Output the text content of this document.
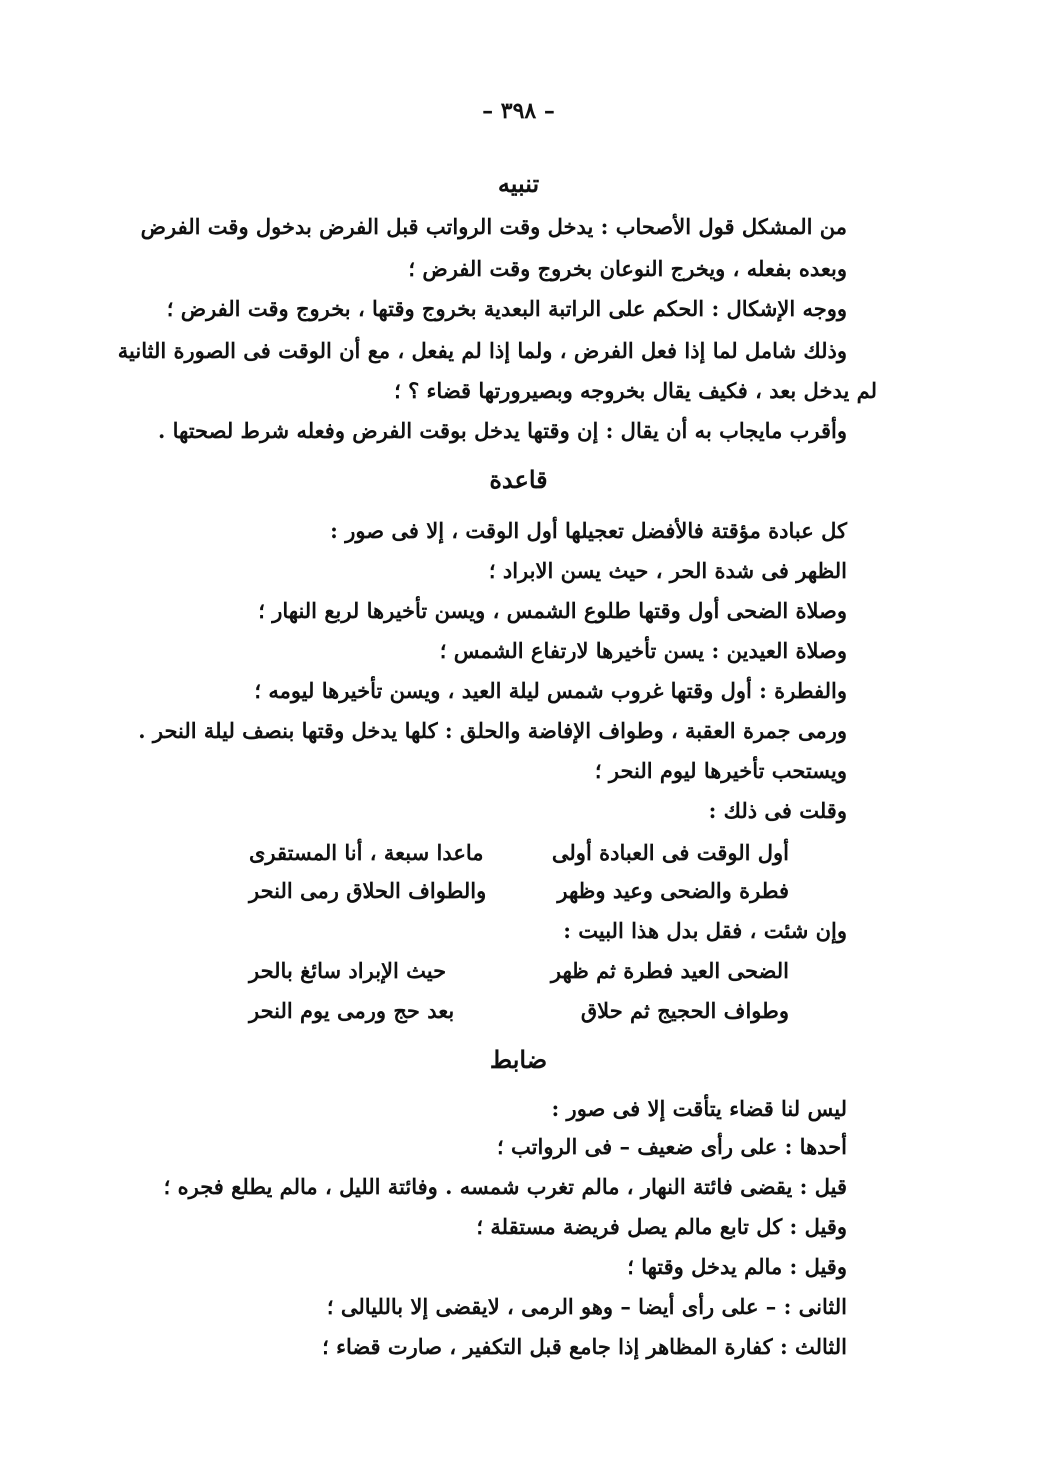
– ٣٩٨ –
تنبيه
من المشكل قول الأصحاب : يدخل وقت الرواتب قبل الفرض بدخول وقت الفرض
وبعده بفعله ، ويخرج النوعان بخروج وقت الفرض ؛
ووجه الإشكال : الحكم على الراتبة البعدية بخروج وقتها ، بخروج وقت الفرض ؛
وذلك شامل لما إذا فعل الفرض ، ولما إذا لم يفعل ، مع أن الوقت فى الصورة الثانية
لم يدخل بعد ، فكيف يقال بخروجه وبصيرورتها قضاء ؟ ؛
وأقرب مايجاب به أن يقال : إن وقتها يدخل بوقت الفرض وفعله شرط لصحتها .
قاعدة
كل عبادة مؤقتة فالأفضل تعجيلها أول الوقت ، إلا فى صور :
الظهر فى شدة الحر ، حيث يسن الابراد ؛
وصلاة الضحى أول وقتها طلوع الشمس ، ويسن تأخيرها لربع النهار ؛
وصلاة العيدين : يسن تأخيرها لارتفاع الشمس ؛
والفطرة : أول وقتها غروب شمس ليلة العيد ، ويسن تأخيرها ليومه ؛
ورمى جمرة العقبة ، وطواف الإفاضة والحلق : كلها يدخل وقتها بنصف ليلة النحر .
ويستحب تأخيرها ليوم النحر ؛
وقلت فى ذلك :
أول الوقت فى العبادة أولى
ماعدا سبعة ، أنا المستقرى
فطرة والضحى وعيد وظهر
والطواف الحلاق رمى النحر
وإن شئت ، فقل بدل هذا البيت :
الضحى العيد فطرة ثم ظهر
حيث الإبراد سائغ بالحر
وطواف الحجيج ثم حلاق
بعد حج ورمى يوم النحر
ضابط
ليس لنا قضاء يتأقت إلا فى صور :
أحدها : على رأى ضعيف – فى الرواتب ؛
قيل : يقضى فائتة النهار ، مالم تغرب شمسه . وفائتة الليل ، مالم يطلع فجره ؛
وقيل : كل تابع مالم يصل فريضة مستقلة ؛
وقيل : مالم يدخل وقتها ؛
الثانى : – على رأى أيضا – وهو الرمى ، لايقضى إلا بالليالى ؛
الثالث : كفارة المظاهر إذا جامع قبل التكفير ، صارت قضاء ؛
